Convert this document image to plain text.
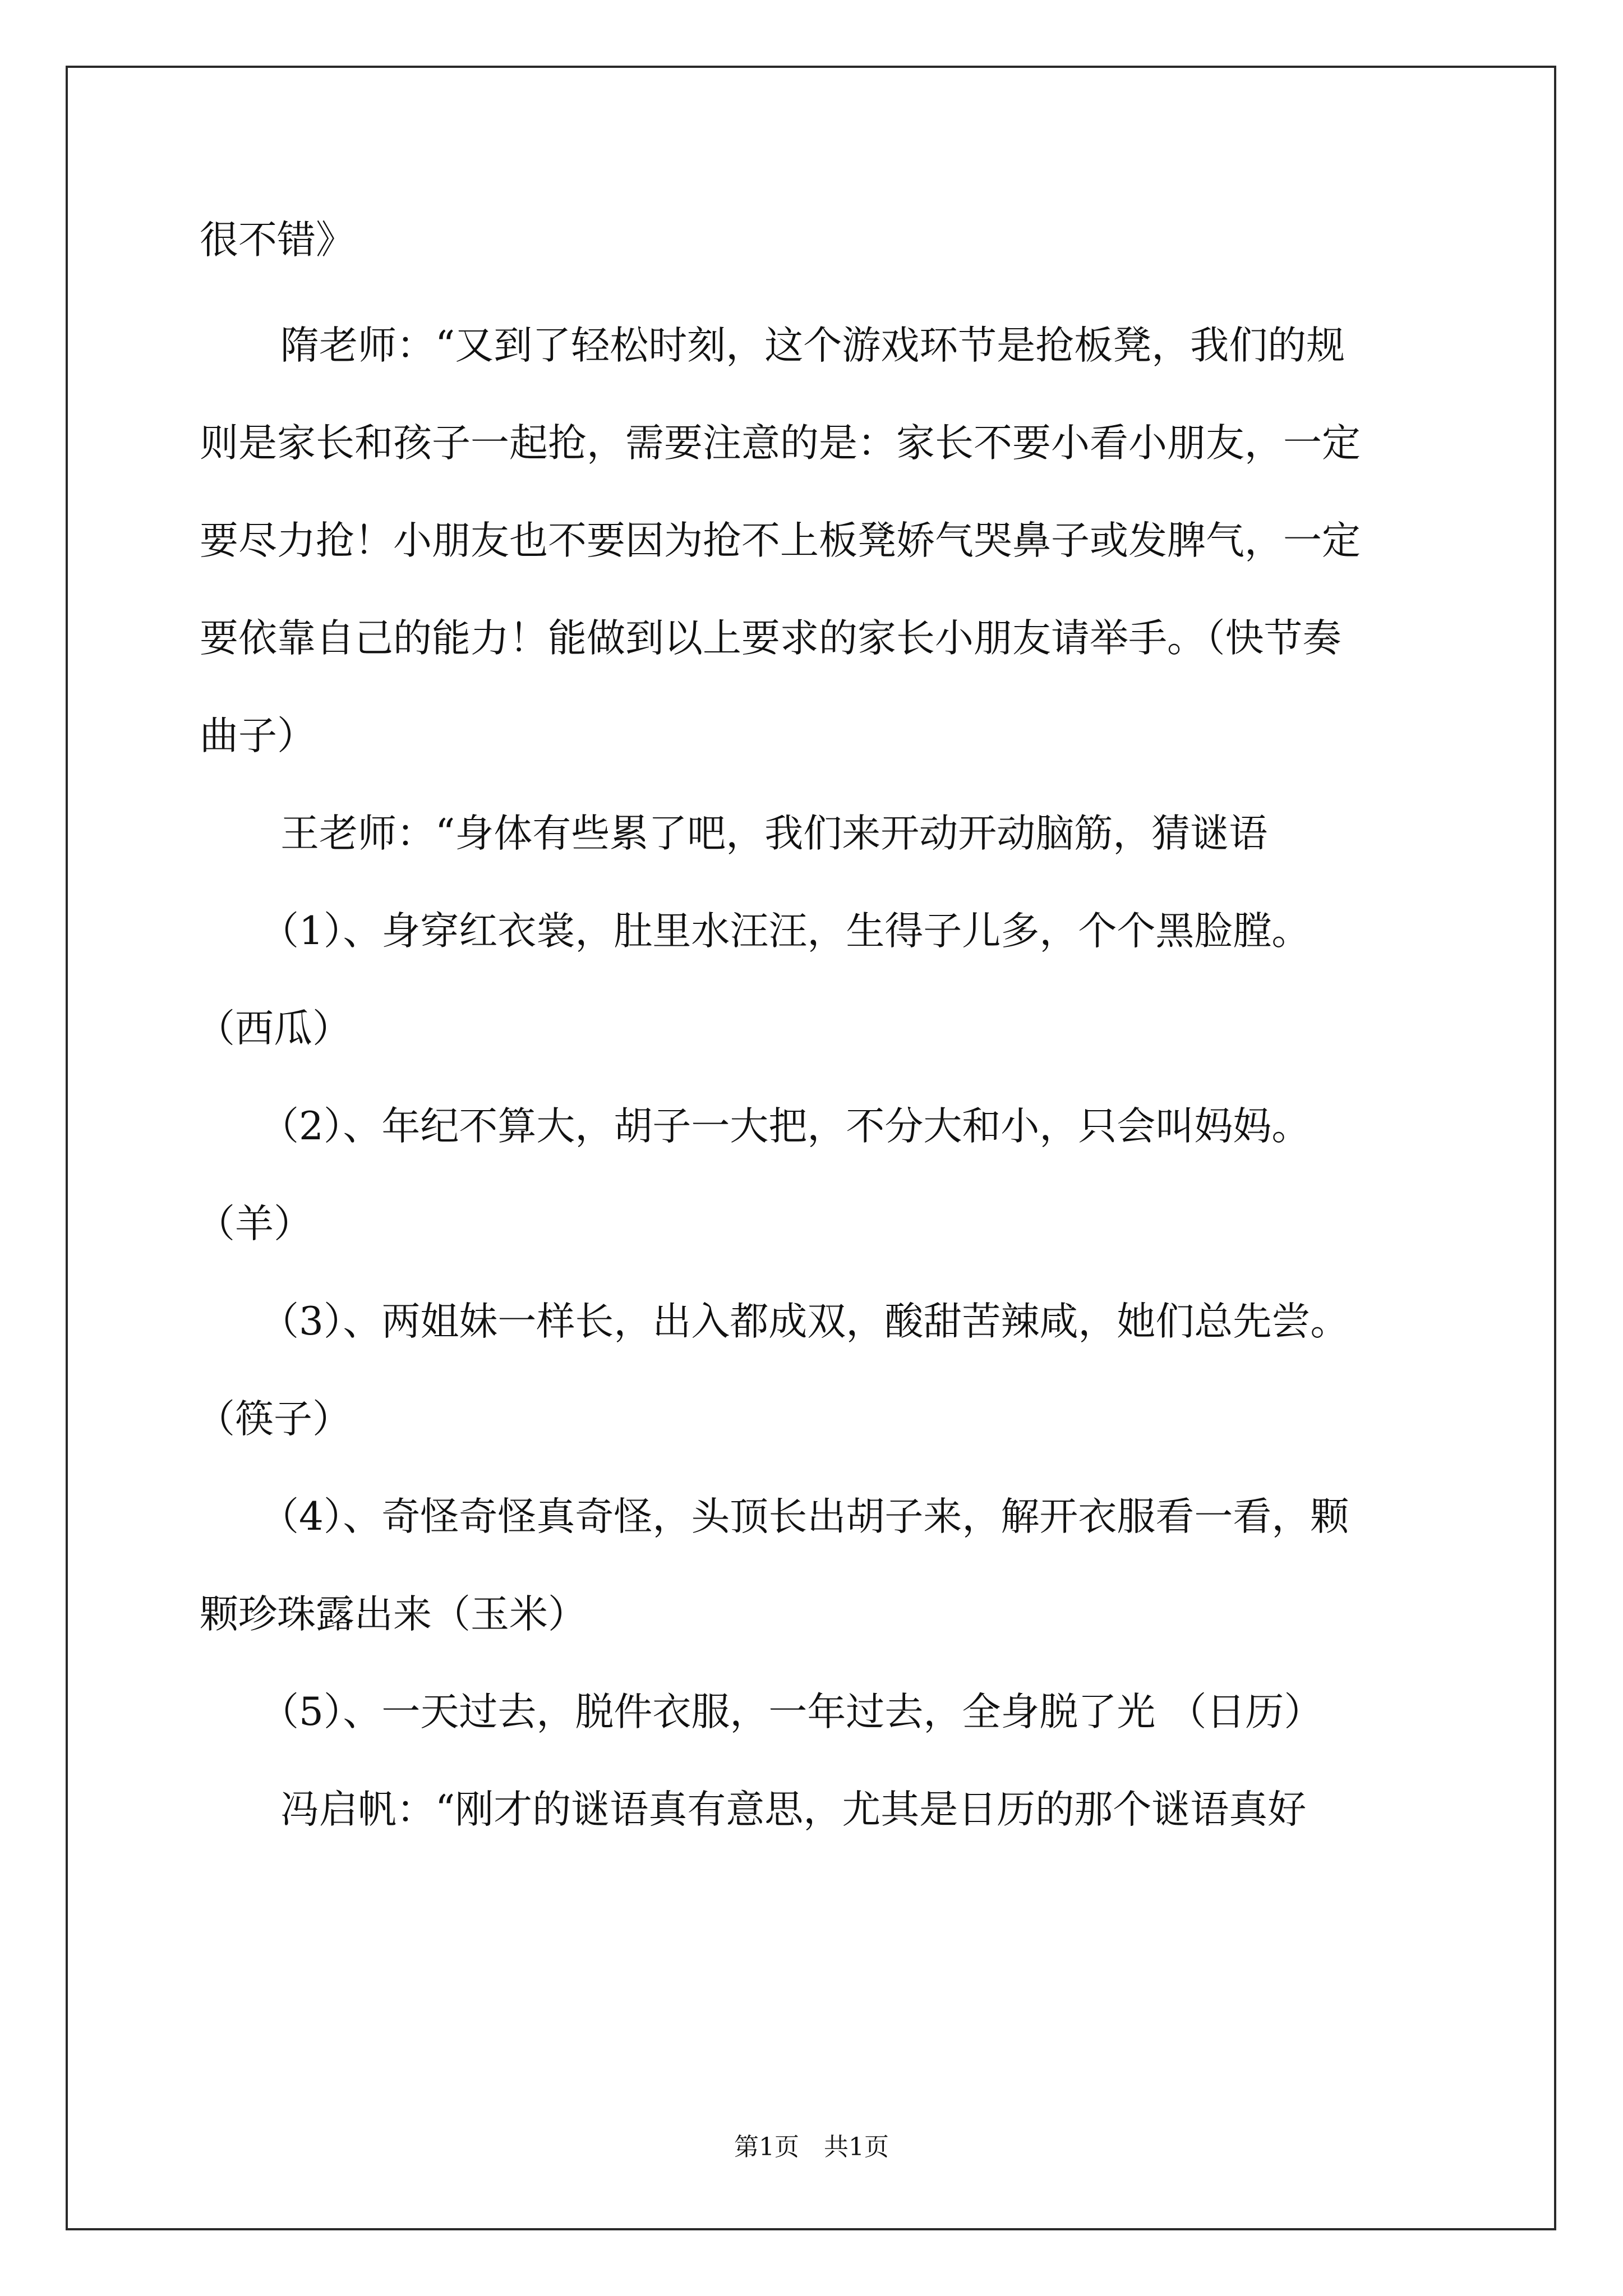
很不错》
隋老师：“又到了轻松时刻，这个游戏环节是抢板凳，我们的规
则是家长和孩子一起抢，需要注意的是：家长不要小看小朋友，一定
要尽力抢！小朋友也不要因为抢不上板凳娇气哭鼻子或发脾气，一定
要依靠自己的能力！能做到以上要求的家长小朋友请举手。（快节奏
曲子）
王老师：“身体有些累了吧，我们来开动开动脑筋，猜谜语
（1）、身穿红衣裳，肚里水汪汪，生得子儿多，个个黑脸膛。
（西瓜）
（2）、年纪不算大，胡子一大把，不分大和小，只会叫妈妈。
（羊）
（3）、两姐妹一样长，出入都成双，酸甜苦辣咸，她们总先尝。
（筷子）
（4）、奇怪奇怪真奇怪，头顶长出胡子来，解开衣服看一看，颗
颗珍珠露出来（玉米）
（5）、一天过去，脱件衣服，一年过去，全身脱了光 （日历）
冯启帆：“刚才的谜语真有意思，尤其是日历的那个谜语真好
第1页　共1页
